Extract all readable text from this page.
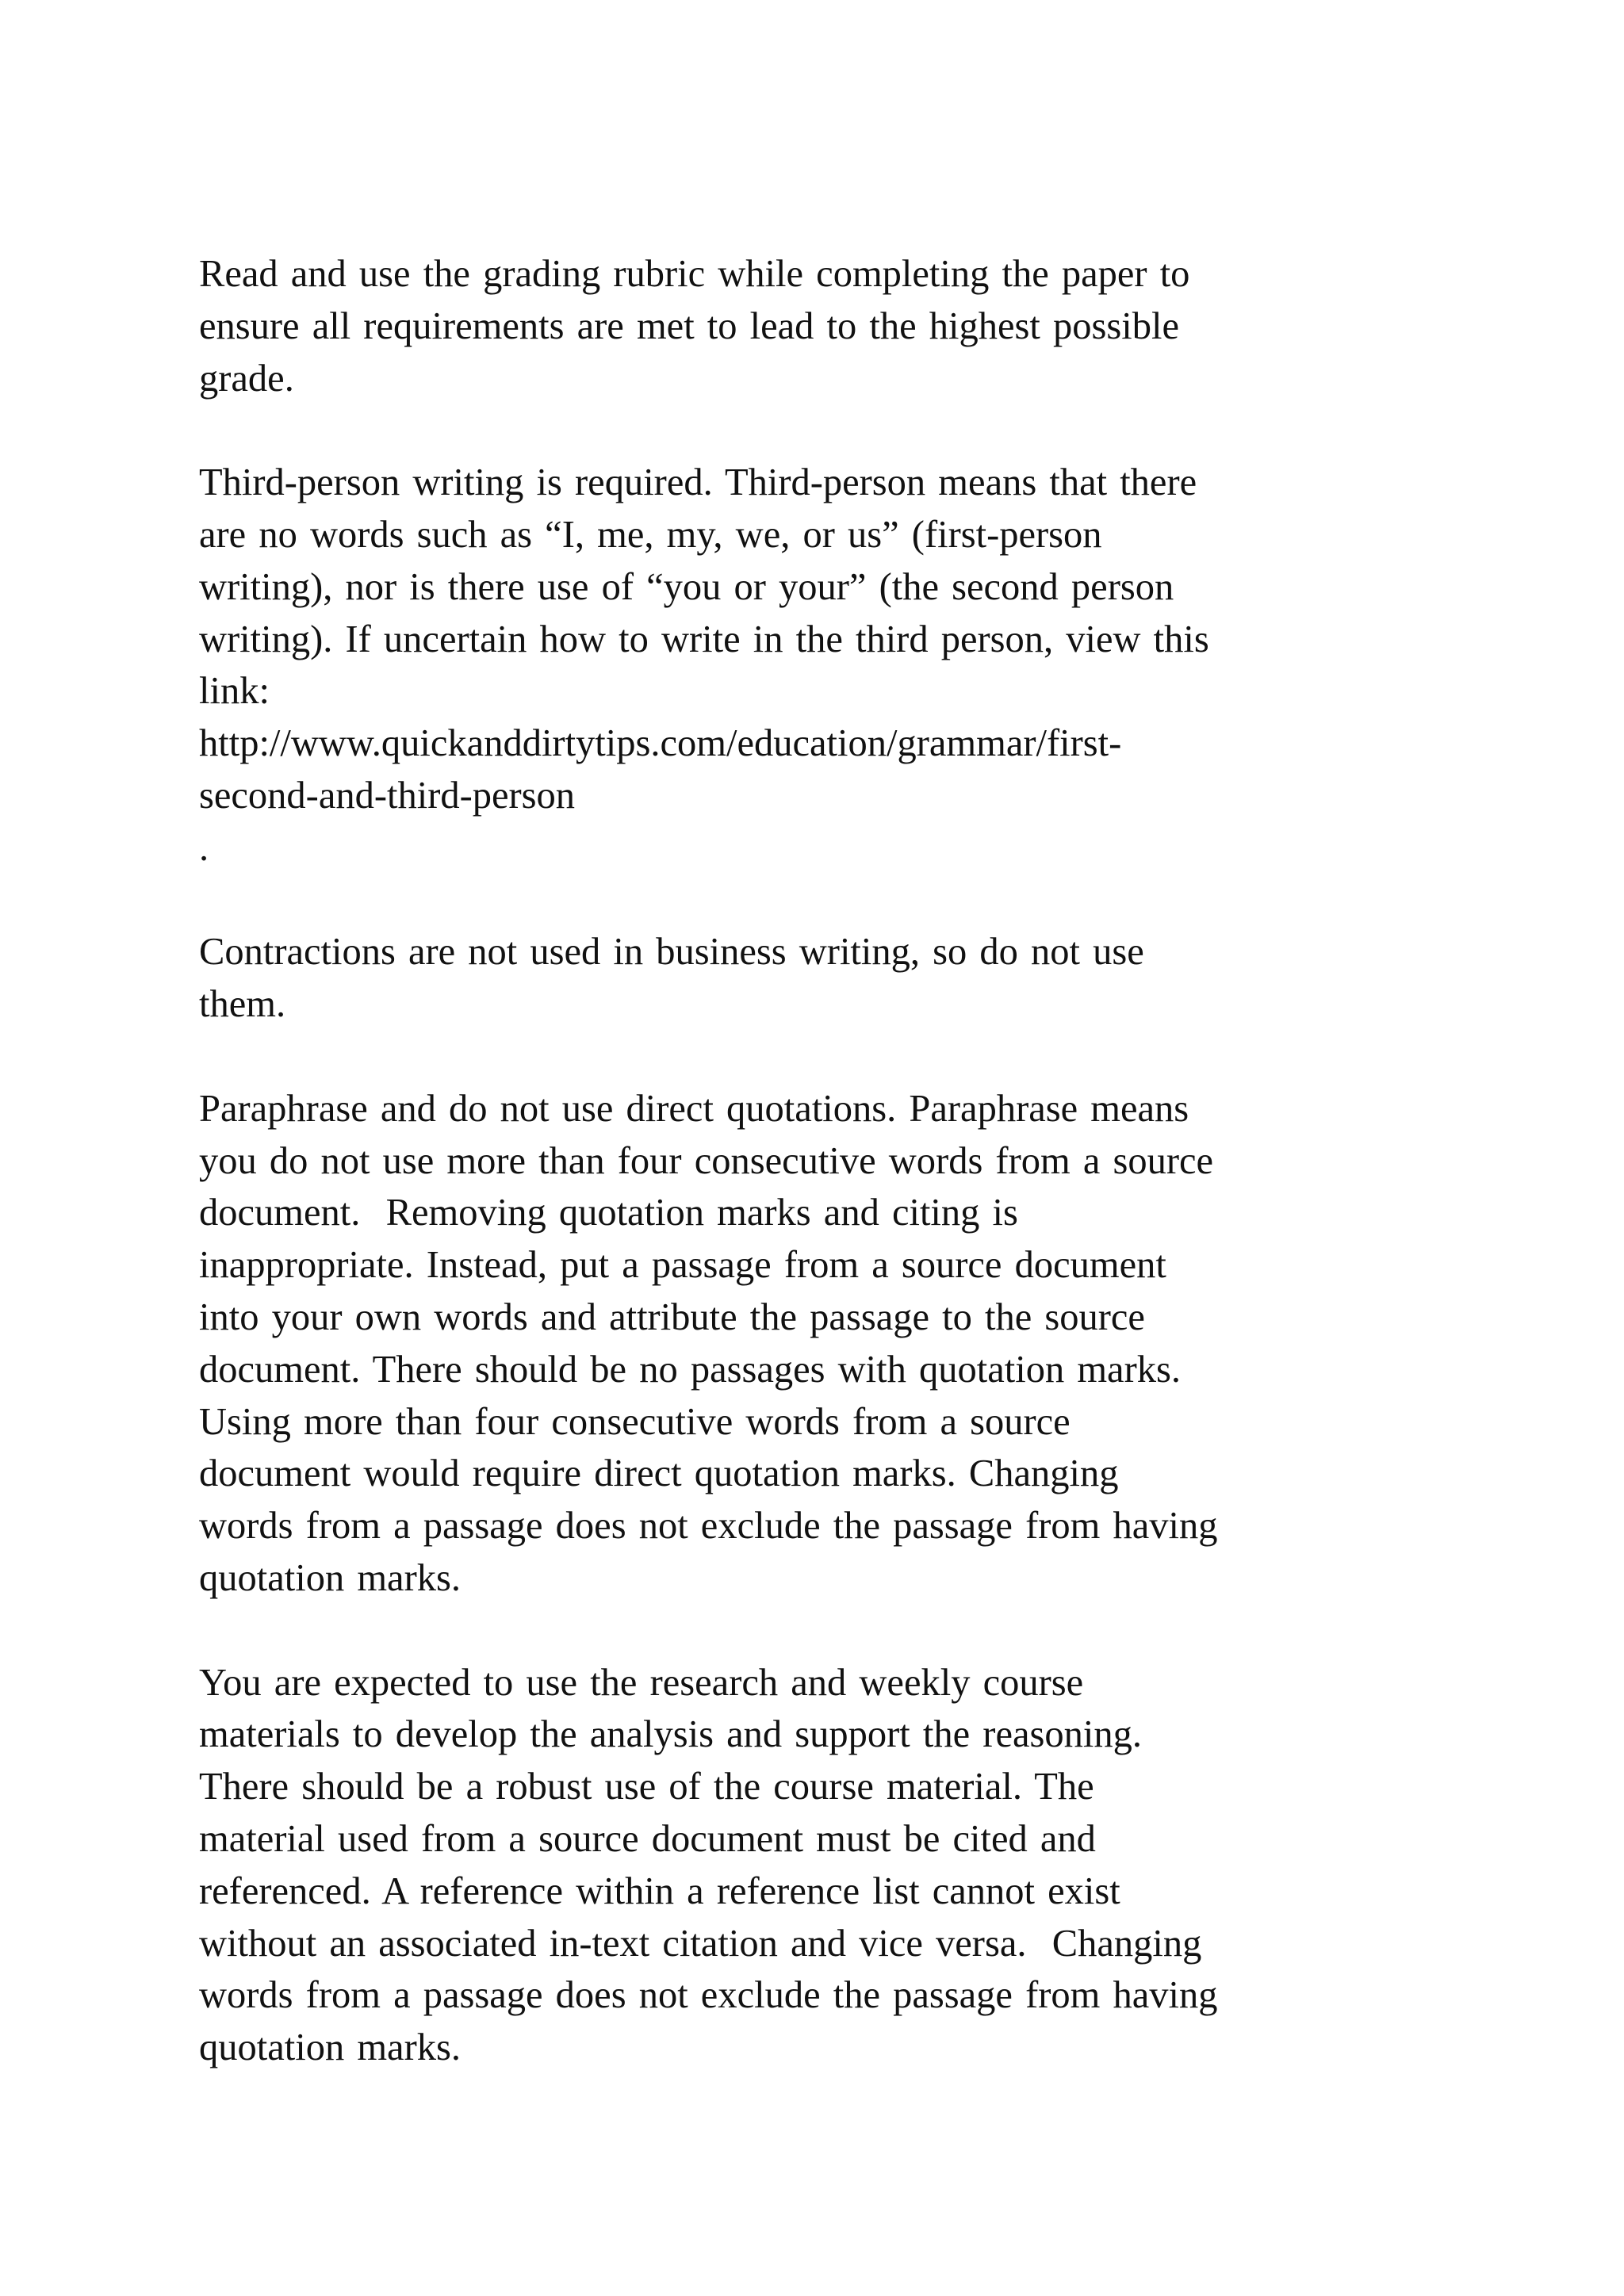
Read and use the grading rubric while completing the paper to
ensure all requirements are met to lead to the highest possible
grade.
Third-person writing is required. Third-person means that there
are no words such as “I, me, my, we, or us” (first-person
writing), nor is there use of “you or your” (the second person
writing). If uncertain how to write in the third person, view this
link:
http://www.quickanddirtytips.com/education/grammar/first-
second-and-third-person
.
Contractions are not used in business writing, so do not use
them.
Paraphrase and do not use direct quotations. Paraphrase means
you do not use more than four consecutive words from a source
document.  Removing quotation marks and citing is
inappropriate. Instead, put a passage from a source document
into your own words and attribute the passage to the source
document. There should be no passages with quotation marks.
Using more than four consecutive words from a source
document would require direct quotation marks. Changing
words from a passage does not exclude the passage from having
quotation marks.
You are expected to use the research and weekly course
materials to develop the analysis and support the reasoning.
There should be a robust use of the course material. The
material used from a source document must be cited and
referenced. A reference within a reference list cannot exist
without an associated in-text citation and vice versa.  Changing
words from a passage does not exclude the passage from having
quotation marks.
